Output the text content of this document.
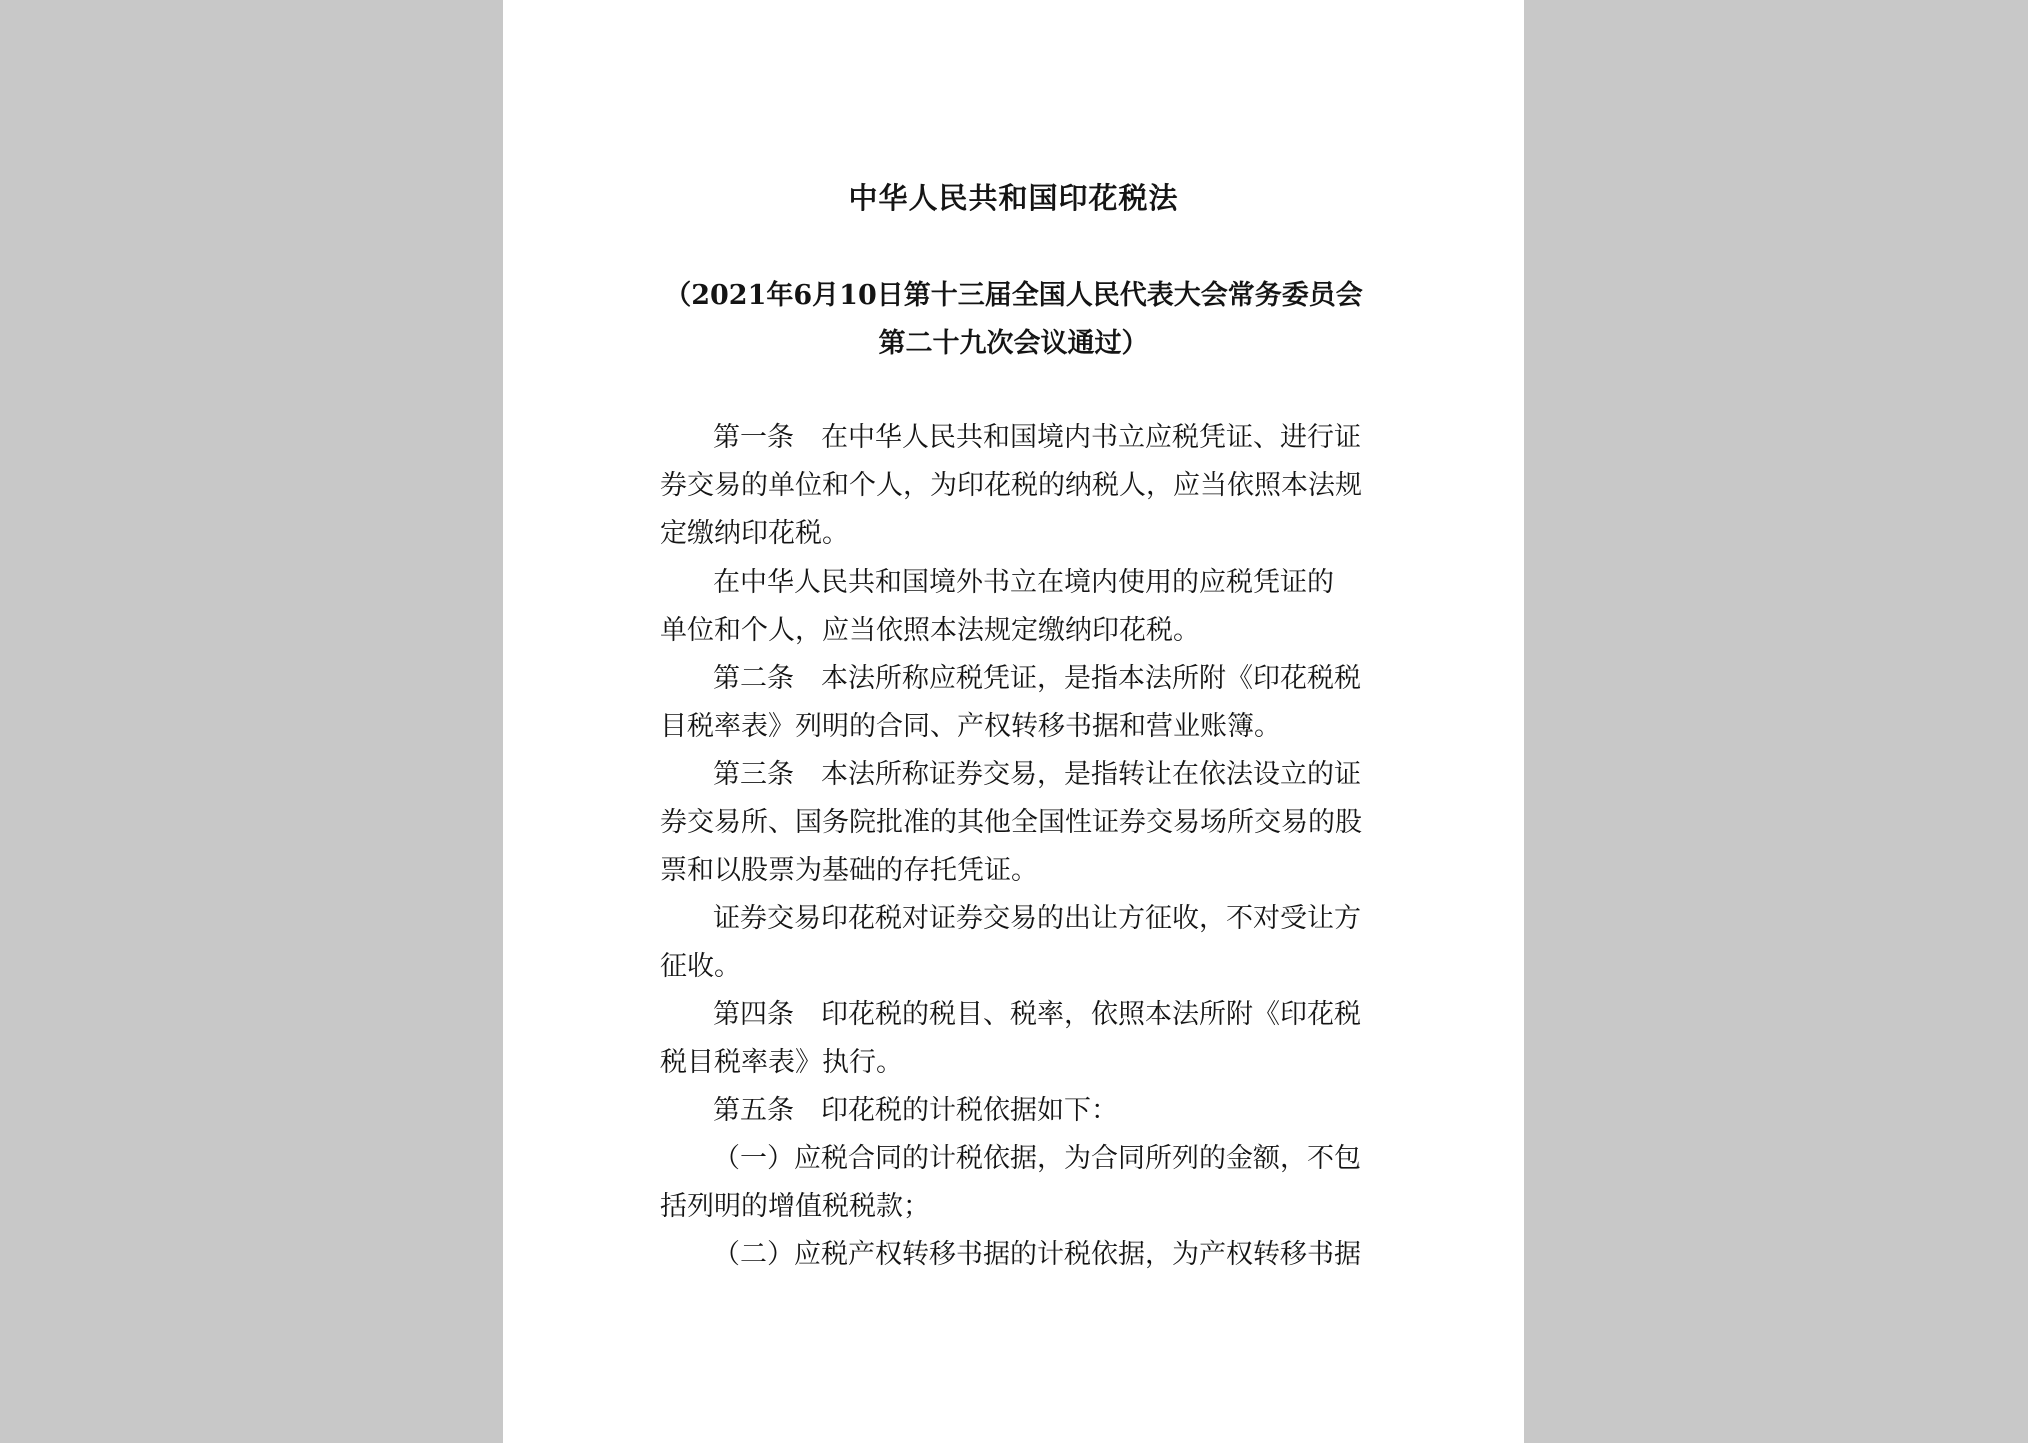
中华人民共和国印花税法
（2021年6月10日第十三届全国人民代表大会常务委员会
第二十九次会议通过）
第一条　在中华人民共和国境内书立应税凭证、进行证
券交易的单位和个人，为印花税的纳税人，应当依照本法规
定缴纳印花税。
在中华人民共和国境外书立在境内使用的应税凭证的
单位和个人，应当依照本法规定缴纳印花税。
第二条　本法所称应税凭证，是指本法所附《印花税税
目税率表》列明的合同、产权转移书据和营业账簿。
第三条　本法所称证券交易，是指转让在依法设立的证
券交易所、国务院批准的其他全国性证券交易场所交易的股
票和以股票为基础的存托凭证。
证券交易印花税对证券交易的出让方征收，不对受让方
征收。
第四条　印花税的税目、税率，依照本法所附《印花税
税目税率表》执行。
第五条　印花税的计税依据如下：
（一）应税合同的计税依据，为合同所列的金额，不包
括列明的增值税税款；
（二）应税产权转移书据的计税依据，为产权转移书据
